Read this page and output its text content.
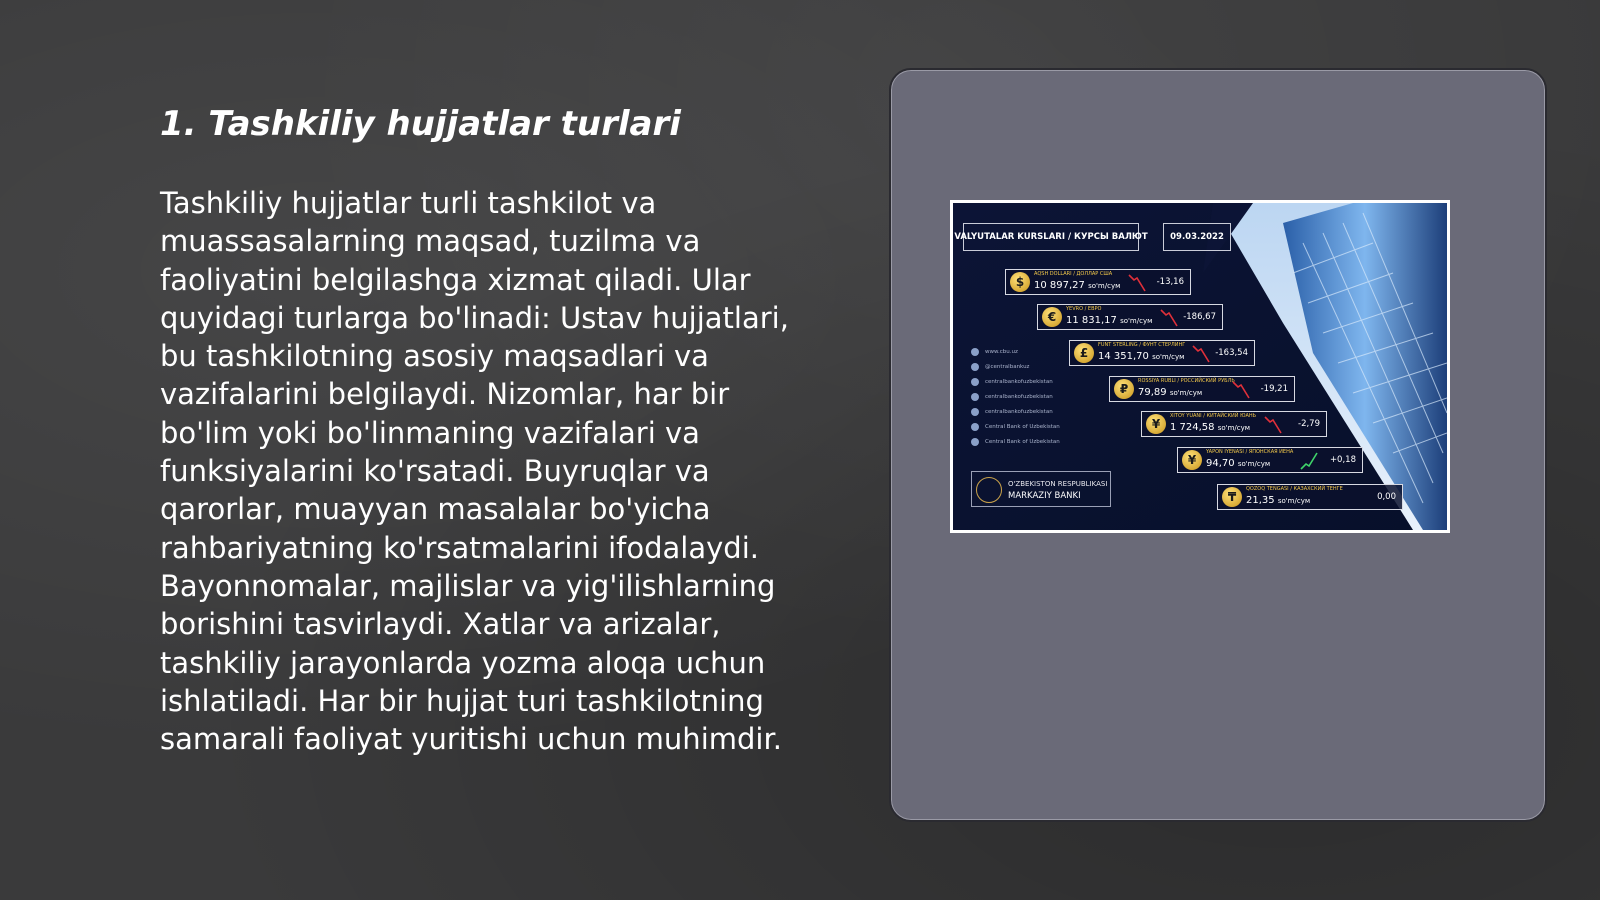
1. Tashkiliy hujjatlar turlari

Tashkiliy hujjatlar turli tashkilot va muassasalarning maqsad, tuzilma va faoliyatini belgilashga xizmat qiladi. Ular quyidagi turlarga bo'linadi: Ustav hujjatlari, bu tashkilotning asosiy maqsadlari va vazifalarini belgilaydi. Nizomlar, har bir bo'lim yoki bo'linmaning vazifalari va funksiyalarini ko'rsatadi. Buyruqlar va qarorlar, muayyan masalalar bo'yicha rahbariyatning ko'rsatmalarini ifodalaydi. Bayonnomalar, majlislar va yig'ilishlarning borishini tasvirlaydi. Xatlar va arizalar, tashkiliy jarayonlarda yozma aloqa uchun ishlatiladi. Har bir hujjat turi tashkilotning samarali faoliyat yuritishi uchun muhimdir.

VALYUTALAR KURSLARI / КУРСЫ ВАЛЮТ	09.03.2022
$
AQSH DOLLARI / ДОЛЛАР США
10 897,27 so'm/сум	-13,16
€
YEVRO / ЕВРО
11 831,17 so'm/сум	-186,67
£
FUNT STERLING / ФУНТ СТЕРЛИНГ
14 351,70 so'm/сум	-163,54
₽
ROSSIYA RUBLI / РОССИЙСКИЙ РУБЛЬ
79,89 so'm/сум	-19,21
¥
XITOY YUANI / КИТАЙСКИЙ ЮАНЬ
1 724,58 so'm/сум	-2,79
¥
YAPON IYENASI / ЯПОНСКАЯ ИЕНА
94,70 so'm/сум	+0,18
₸
QOZOQ TENGASI / КАЗАХСКИЙ ТЕНГЕ
21,35 so'm/сум	0,00
www.cbu.uz
@centralbankuz
centralbankofuzbekistan
centralbankofuzbekistan
centralbankofuzbekistan
Central Bank of Uzbekistan
Central Bank of Uzbekistan
O'ZBEKISTON RESPUBLIKASI
MARKAZIY BANKI
